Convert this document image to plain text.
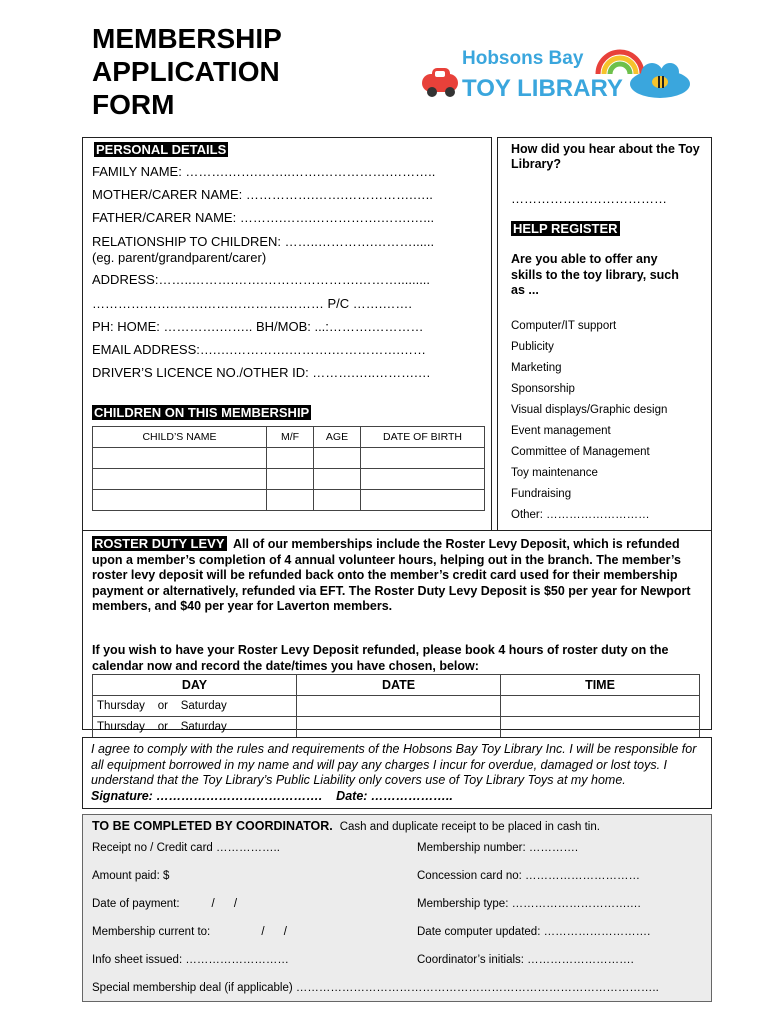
MEMBERSHIP
APPLICATION
FORM
Hobsons Bay
TOY LIBRARY
PERSONAL DETAILS
FAMILY NAME: ……….…….……..…….…………….………..
MOTHER/CARER NAME: …………….…….…………….…..
FATHER/CARER NAME: ……….…….…………….…….…...
RELATIONSHIP TO CHILDREN: ……..………….………......
(eg. parent/grandparent/carer)
ADDRESS:……..……….…….………………….……….........
……………….…….……………….……… P/C …….…….
PH: HOME: ………….…….. BH/MOB: ...:……….…………
EMAIL ADDRESS:….….………….……….…………….……
DRIVER’S LICENCE NO./OTHER ID: ……….…..……….…
CHILDREN ON THIS MEMBERSHIP
CHILD’S NAME	M/F	AGE	DATE OF BIRTH

How did you hear about the Toy Library?
………………………………
HELP REGISTER
Are you able to offer any skills to the toy library, such as ...
Computer/IT support
Publicity
Marketing
Sponsorship
Visual displays/Graphic design
Event management
Committee of Management
Toy maintenance
Fundraising
Other: ………………………
ROSTER DUTY LEVY All of our memberships include the Roster Levy Deposit, which is refunded upon a member’s completion of 4 annual volunteer hours, helping out in the branch. The member’s roster levy deposit will be refunded back onto the member’s credit card used for their membership payment or alternatively, refunded via EFT. The Roster Duty Levy Deposit is $50 per year for Newport members, and $40 per year for Laverton members.
If you wish to have your Roster Levy Deposit refunded, please book 4 hours of roster duty on the calendar now and record the date/times you have chosen, below:
DAY	DATE	TIME
Thursday or Saturday		
Thursday or Saturday		
I agree to comply with the rules and requirements of the Hobsons Bay Toy Library Inc. I will be responsible for all equipment borrowed in my name and will pay any charges I incur for overdue, damaged or lost toys. I understand that the Toy Library’s Public Liability only covers use of Toy Library Toys at my home.         Signature: …………………………………. Date: ………………..
TO BE COMPLETED BY COORDINATOR. Cash and duplicate receipt to be placed in cash tin.
Receipt no / Credit card ……………..	Membership number: ………….
Amount paid: $	Concession card no: …………………………
Date of payment:          /      /	Membership type: ………………………….…
Membership current to:                /      /	Date computer updated: ……………………….
Info sheet issued: ………………………	Coordinator’s initials: ……………………….
Special membership deal (if applicable) …………………………………………………………………………………..
